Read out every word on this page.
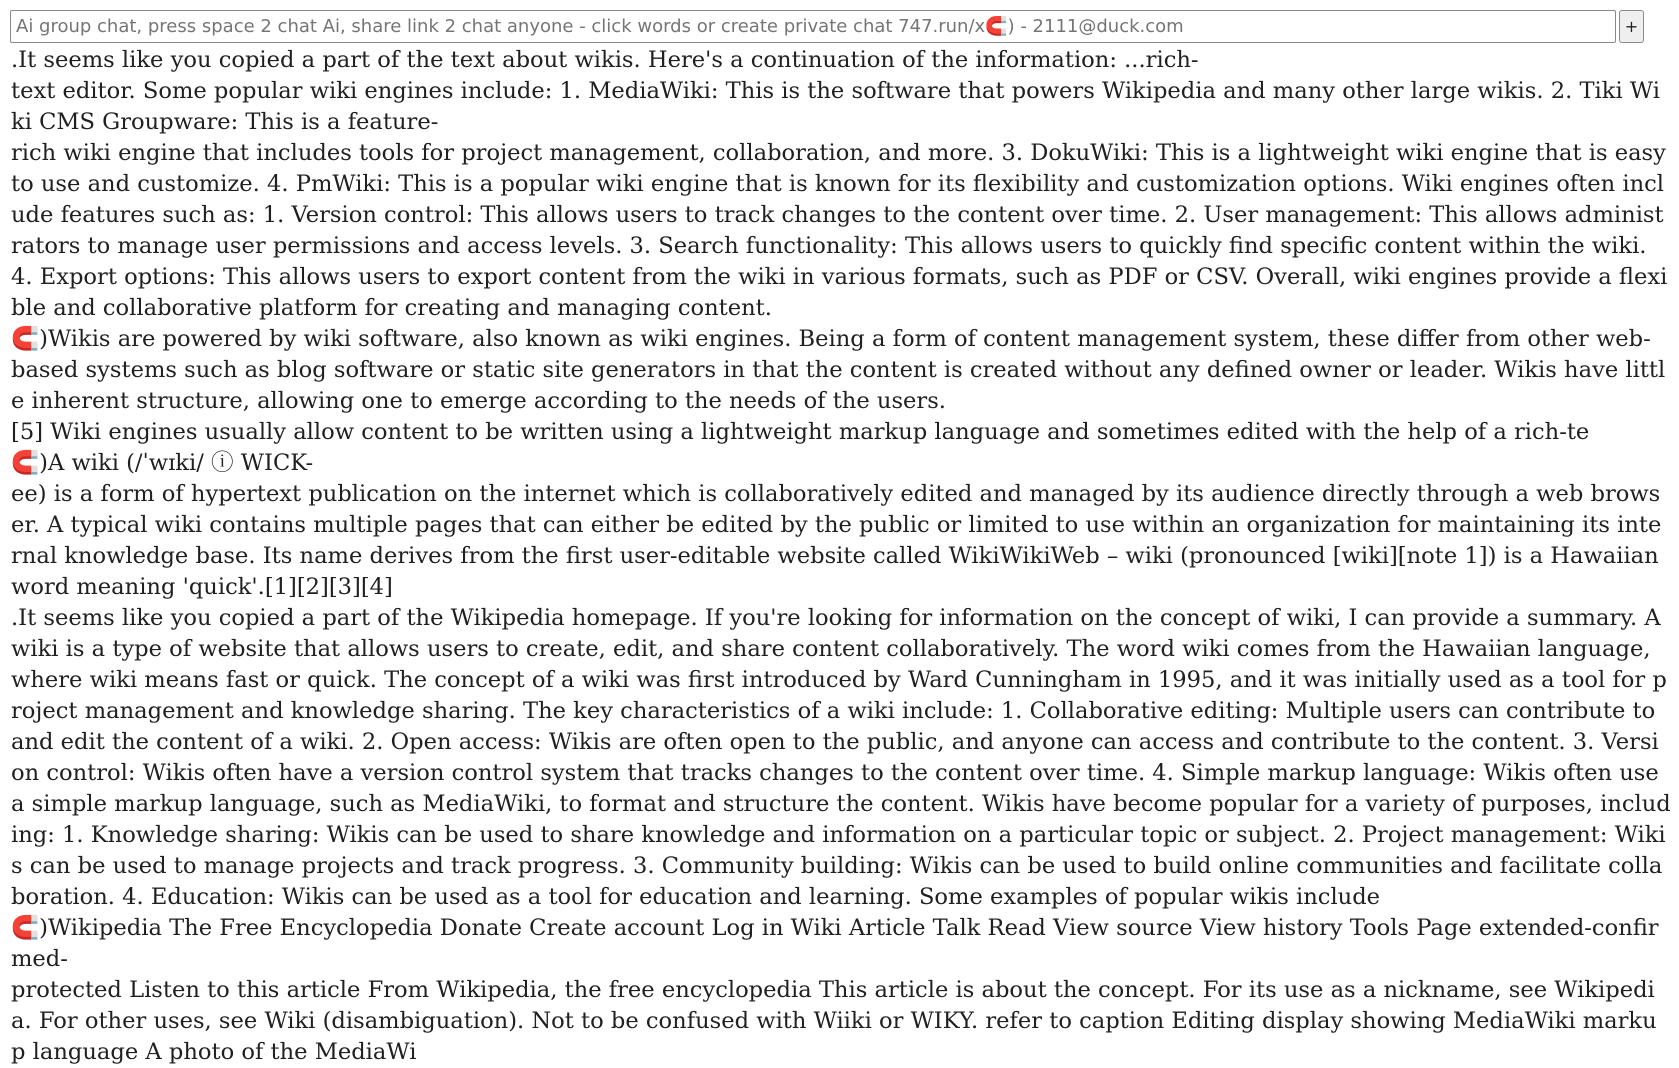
Ai group chat, press space 2 chat Ai, share link 2 chat anyone - click words or create private chat 747.run/x🧲) - 2111@duck.com
+

.It seems like you copied a part of the text about wikis. Here's a continuation of the information: ...rich-
text editor. Some popular wiki engines include: 1. MediaWiki: This is the software that powers Wikipedia and many other large wikis. 2. Tiki Wiki CMS Groupware: This is a feature-
rich wiki engine that includes tools for project management, collaboration, and more. 3. DokuWiki: This is a lightweight wiki engine that is easy to use and customize. 4. PmWiki: This is a popular wiki engine that is known for its flexibility and customization options. Wiki engines often include features such as: 1. Version control: This allows users to track changes to the content over time. 2. User management: This allows administrators to manage user permissions and access levels. 3. Search functionality: This allows users to quickly find specific content within the wiki. 4. Export options: This allows users to export content from the wiki in various formats, such as PDF or CSV. Overall, wiki engines provide a flexible and collaborative platform for creating and managing content.

🧲)Wikis are powered by wiki software, also known as wiki engines. Being a form of content management system, these differ from other web-
based systems such as blog software or static site generators in that the content is created without any defined owner or leader. Wikis have little inherent structure, allowing one to emerge according to the needs of the users.
[5] Wiki engines usually allow content to be written using a lightweight markup language and sometimes edited with the help of a rich-te

🧲)A wiki (/ˈwɪki/ ⓘ WICK-
ee) is a form of hypertext publication on the internet which is collaboratively edited and managed by its audience directly through a web browser. A typical wiki contains multiple pages that can either be edited by the public or limited to use within an organization for maintaining its internal knowledge base. Its name derives from the first user-editable website called WikiWikiWeb – wiki (pronounced [wiki][note 1]) is a Hawaiian word meaning 'quick'.[1][2][3][4]

.It seems like you copied a part of the Wikipedia homepage. If you're looking for information on the concept of wiki, I can provide a summary. A wiki is a type of website that allows users to create, edit, and share content collaboratively. The word wiki comes from the Hawaiian language, where wiki means fast or quick. The concept of a wiki was first introduced by Ward Cunningham in 1995, and it was initially used as a tool for project management and knowledge sharing. The key characteristics of a wiki include: 1. Collaborative editing: Multiple users can contribute to and edit the content of a wiki. 2. Open access: Wikis are often open to the public, and anyone can access and contribute to the content. 3. Version control: Wikis often have a version control system that tracks changes to the content over time. 4. Simple markup language: Wikis often use a simple markup language, such as MediaWiki, to format and structure the content. Wikis have become popular for a variety of purposes, including: 1. Knowledge sharing: Wikis can be used to share knowledge and information on a particular topic or subject. 2. Project management: Wikis can be used to manage projects and track progress. 3. Community building: Wikis can be used to build online communities and facilitate collaboration. 4. Education: Wikis can be used as a tool for education and learning. Some examples of popular wikis include

🧲)Wikipedia The Free Encyclopedia Donate Create account Log in Wiki Article Talk Read View source View history Tools Page extended-confirmed-
protected Listen to this article From Wikipedia, the free encyclopedia This article is about the concept. For its use as a nickname, see Wikipedia. For other uses, see Wiki (disambiguation). Not to be confused with Wiiki or WIKY. refer to caption Editing display showing MediaWiki markup language A photo of the MediaWi
